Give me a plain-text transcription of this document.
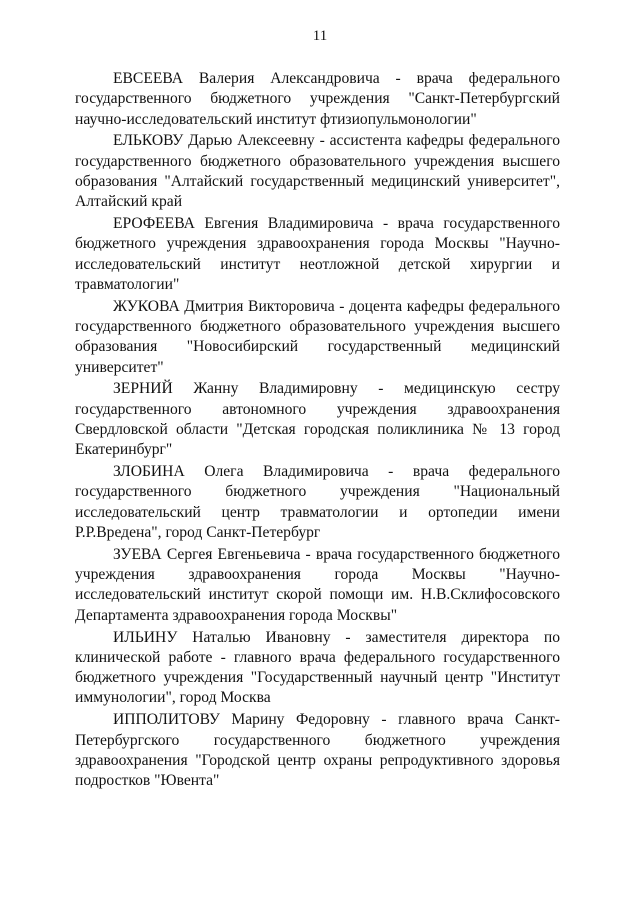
11

ЕВСЕЕВА Валерия Александровича - врача федерального государственного бюджетного учреждения "Санкт-Петербургский научно-исследовательский институт фтизиопульмонологии"

ЕЛЬКОВУ Дарью Алексеевну - ассистента кафедры федерального государственного бюджетного образовательного учреждения высшего образования "Алтайский государственный медицинский университет", Алтайский край

ЕРОФЕЕВА Евгения Владимировича - врача государственного бюджетного учреждения здравоохранения города Москвы "Научно-исследовательский институт неотложной детской хирургии и травматологии"

ЖУКОВА Дмитрия Викторовича - доцента кафедры федерального государственного бюджетного образовательного учреждения высшего образования "Новосибирский государственный медицинский университет"

ЗЕРНИЙ Жанну Владимировну - медицинскую сестру государственного автономного учреждения здравоохранения Свердловской области "Детская городская поликлиника № 13 город Екатеринбург"

ЗЛОБИНА Олега Владимировича - врача федерального государственного бюджетного учреждения "Национальный исследовательский центр травматологии и ортопедии имени Р.Р.Вредена", город Санкт-Петербург

ЗУЕВА Сергея Евгеньевича - врача государственного бюджетного учреждения здравоохранения города Москвы "Научно-исследовательский институт скорой помощи им. Н.В.Склифосовского Департамента здравоохранения города Москвы"

ИЛЬИНУ Наталью Ивановну - заместителя директора по клинической работе - главного врача федерального государственного бюджетного учреждения "Государственный научный центр "Институт иммунологии", город Москва

ИППОЛИТОВУ Марину Федоровну - главного врача Санкт-Петербургского государственного бюджетного учреждения здравоохранения "Городской центр охраны репродуктивного здоровья подростков "Ювента"
